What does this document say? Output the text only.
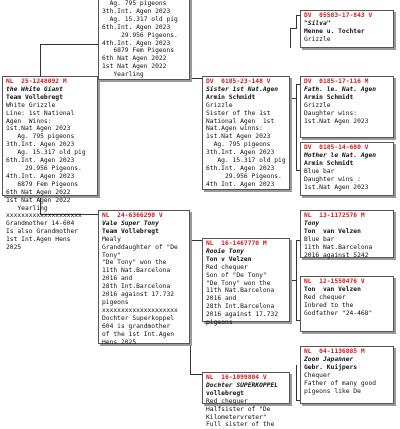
NL  25-1248092 M
the White Giant
Team Vollebregt
White Grizzle
Line: 1st National
Agen  Winns:
1st.Nat Agen 2023
Ag. 795 pigeons
3th.Int. Agen 2023
Ag. 15.317 old pig
6th.Int. Agen 2023
29.956 Pigeons.
4th.Int. Agen 2023
6879 Fem Pigeons
6th Nat Agen 2022
1st Nat Agen 2022
Yearling
xxxxxxxxxxxxxxxxxxxx
Grandmother 14-604
Is also Grandmother
1st Int.Agen Hens
2025
Ag. 795 pigeons
3th.Int. Agen 2023
Ag. 15.317 old pig
6th.Int. Agen 2023
29.956 Pigeons.
4th.Int. Agen 2023
6879 Fem Pigeons
6th Nat Agen 2022
1st Nat Agen 2022
Yearling
NL  24-6366290 V
Vale Super Tony
Team Vollebregt
Mealy
Granddaughter of "De
Tony"
"De Tony" won the
11th Nat.Barcelona
2016 and
28th Int.Barcelona
2016 against 17.732
pigeons
xxxxxxxxxxxxxxxxxxxx
Dochter Superkoppel
604 is grandmother
of the 1st Int.Agen
Hens 2025
DV  0185-23-148 V
Sister 1st Nat.Agen
Armin Schmidt
Grizzle
Sister of the 1st
National Agen  1st
Nat.Agen winns:
1st.Nat Agen 2023
Ag. 795 pigeons
3th.Int. Agen 2023
Ag. 15.317 old pig
6th.Int. Agen 2023
29.956 Pigeons.
4th Int. Agen 2023
NL  16-1467770 M
Rooie Tony
Ton v Velzen
Red chequer
Son of "De Tony"
"De Tony" won the
11th Nat.Barcelona
2016 and
28th Int.Barcelona
2016 against 17.732
pigeons
NL  16-1099804 V
Dochter SUPERKOPPEL
vollebregt
Red chequer
Halfsister of "De
Kilometervreter"
Full sister of the
DV  05583-17-843 V
"Silva"
Menne u. Tochter
Grizzle
DV  0185-17-116 M
Fath. le. Nat. Agen
Armin Schmidt
Grizzle
Daughter wins:
1st.Nat Agen 2023
DV  0185-14-680 V
Mother le Nat. Agen
Armin Schmidt
Blue bar
Daughter wins :
1st.Nat Agen 2023
NL  13-1172576 M
Tony
Ton  van Velzen
Blue bar
11th Nat.Barcelona
2016 against 5242
NL  12-1550476 V
Ton  van Velzen
Red chequer
Inbred to the
Godfather "24-468"
NL  04-1136885 M
Zoon Japanner
Gebr. Kuijpers
Chequer
Father of many good
pigeons like De
